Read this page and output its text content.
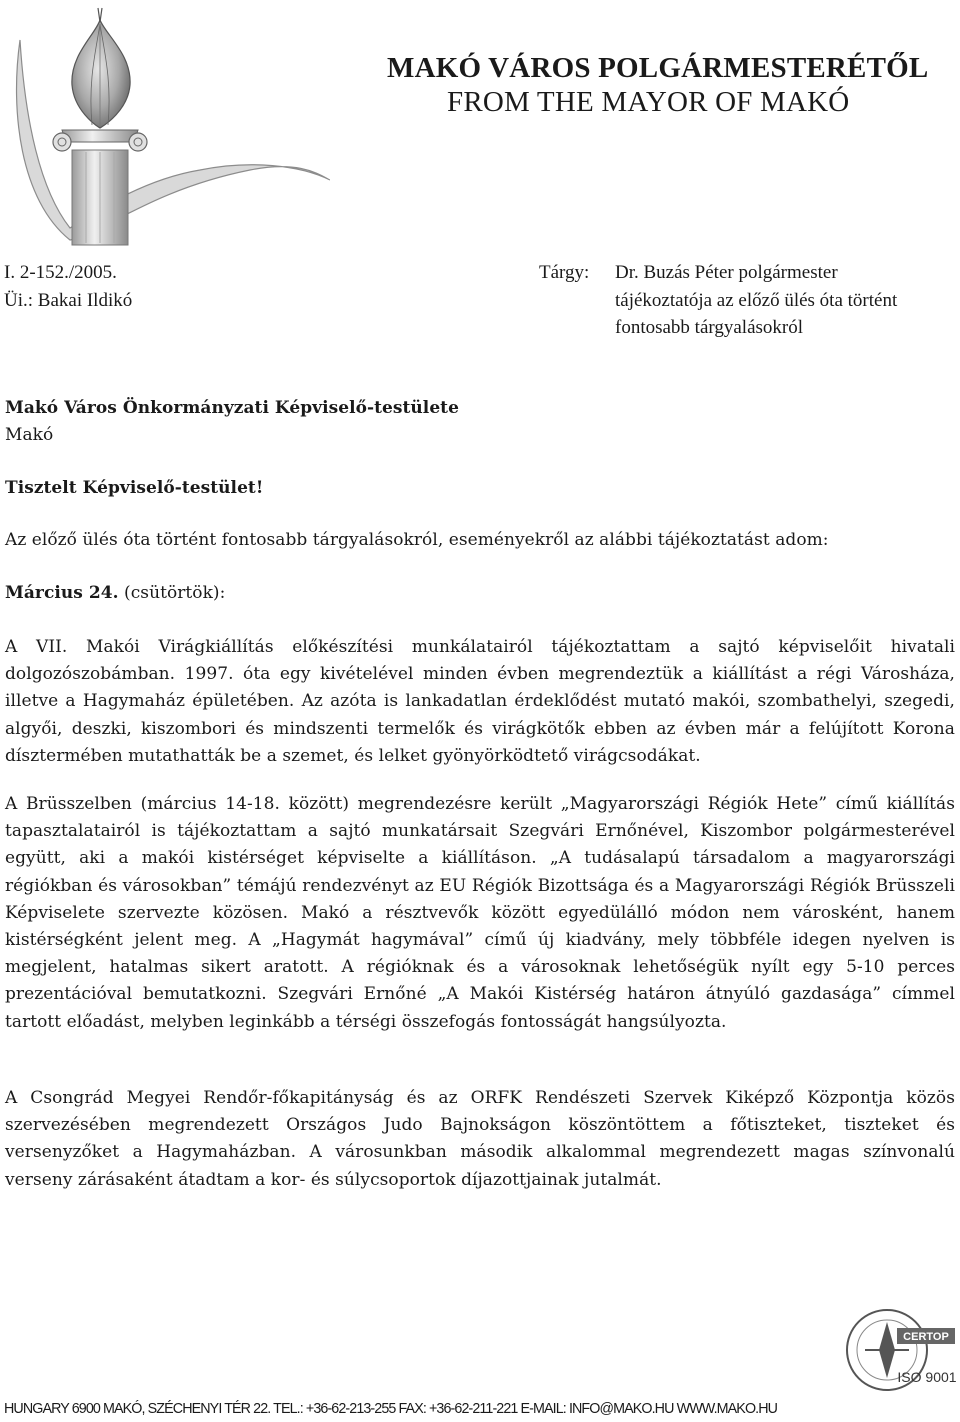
MAKÓ VÁROS POLGÁRMESTERÉTŐL
FROM THE MAYOR OF MAKÓ
I. 2-152./2005.
Üi.: Bakai Ildikó
Tárgy: Dr. Buzás Péter polgármester
tájékoztatója az előző ülés óta történt
fontosabb tárgyalásokról
Makó Város Önkormányzati Képviselő-testülete
Makó
Tisztelt Képviselő-testület!
Az előző ülés óta történt fontosabb tárgyalásokról, eseményekről az alábbi tájékoztatást adom:
Március 24. (csütörtök):
A VII. Makói Virágkiállítás előkészítési munkálatairól tájékoztattam a sajtó képviselőit hivatali dolgozószobámban. 1997. óta egy kivételével minden évben megrendeztük a kiállítást a régi Városháza, illetve a Hagymaház épületében. Az azóta is lankadatlan érdeklődést mutató makói, szombathelyi, szegedi, algyői, deszki, kiszombori és mindszenti termelők és virágkötők ebben az évben már a felújított Korona dísztermében mutathatták be a szemet, és lelket gyönyörködtető virágcsodákat.
A Brüsszelben (március 14-18. között) megrendezésre került „Magyarországi Régiók Hete” című kiállítás tapasztalatairól is tájékoztattam a sajtó munkatársait Szegvári Ernőnével, Kiszombor polgármesterével együtt, aki a makói kistérséget képviselte a kiállításon. „A tudásalapú társadalom a magyarországi régiókban és városokban” témájú rendezvényt az EU Régiók Bizottsága és a Magyarországi Régiók Brüsszeli Képviselete szervezte közösen. Makó a résztvevők között egyedülálló módon nem városként, hanem kistérségként jelent meg. A „Hagymát hagymával” című új kiadvány, mely többféle idegen nyelven is megjelent, hatalmas sikert aratott. A régióknak és a városoknak lehetőségük nyílt egy 5-10 perces prezentációval bemutatkozni. Szegvári Ernőné „A Makói Kistérség határon átnyúló gazdasága” címmel tartott előadást, melyben leginkább a térségi összefogás fontosságát hangsúlyozta.
A Csongrád Megyei Rendőr-főkapitányság és az ORFK Rendészeti Szervek Kiképző Központja közös szervezésében megrendezett Országos Judo Bajnokságon köszöntöttem a főtiszteket, tiszteket és versenyzőket a Hagymaházban. A városunkban második alkalommal megrendezett magas színvonalú verseny zárásaként átadtam a kor- és súlycsoportok díjazottjainak jutalmát.
CERTOP
ISO 9001
HUNGARY 6900 MAKÓ, SZÉCHENYI TÉR 22. TEL.: +36-62-213-255 FAX: +36-62-211-221 E-MAIL: INFO@MAKO.HU WWW.MAKO.HU
